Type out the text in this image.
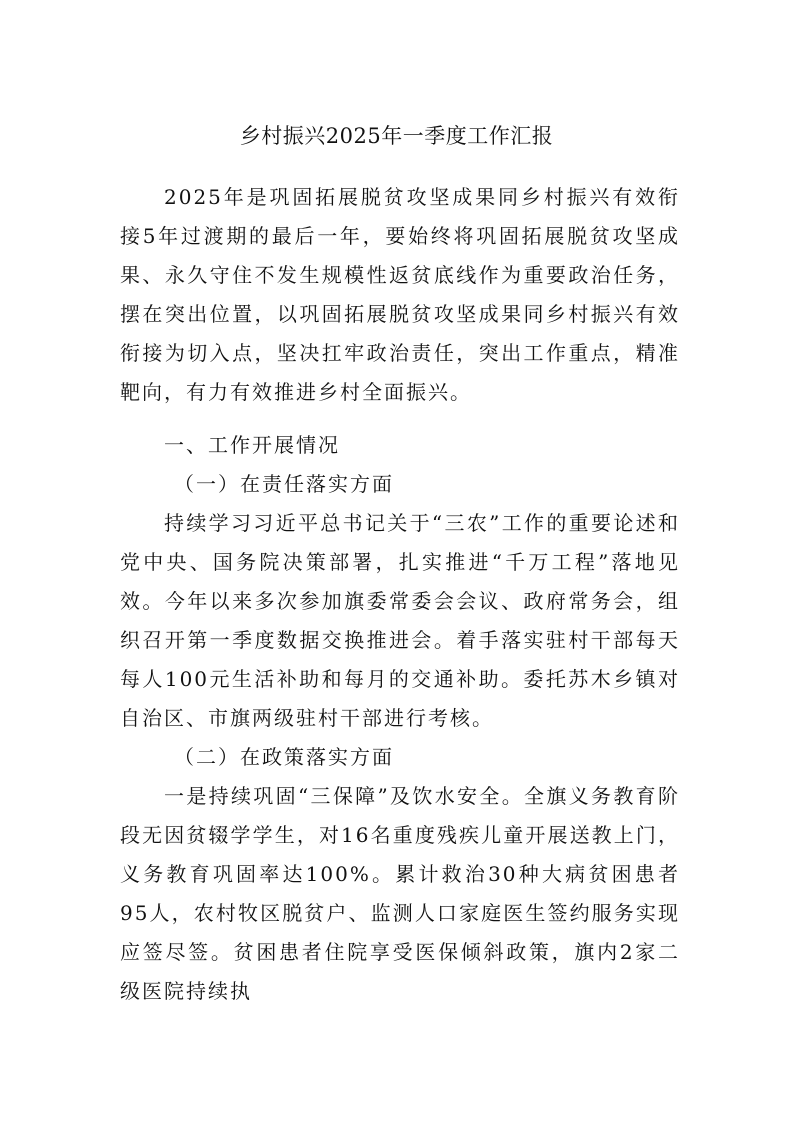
乡村振兴2025年一季度工作汇报
2025年是巩固拓展脱贫攻坚成果同乡村振兴有效衔接5年过渡期的最后一年，要始终将巩固拓展脱贫攻坚成果、永久守住不发生规模性返贫底线作为重要政治任务，摆在突出位置，以巩固拓展脱贫攻坚成果同乡村振兴有效衔接为切入点，坚决扛牢政治责任，突出工作重点，精准靶向，有力有效推进乡村全面振兴。
一、工作开展情况
（一）在责任落实方面
持续学习习近平总书记关于“三农”工作的重要论述和党中央、国务院决策部署，扎实推进“千万工程”落地见效。今年以来多次参加旗委常委会会议、政府常务会，组织召开第一季度数据交换推进会。着手落实驻村干部每天每人100元生活补助和每月的交通补助。委托苏木乡镇对自治区、市旗两级驻村干部进行考核。
（二）在政策落实方面
一是持续巩固“三保障”及饮水安全。全旗义务教育阶段无因贫辍学学生，对16名重度残疾儿童开展送教上门，义务教育巩固率达100%。累计救治30种大病贫困患者95人，农村牧区脱贫户、监测人口家庭医生签约服务实现应签尽签。贫困患者住院享受医保倾斜政策，旗内2家二级医院持续执
